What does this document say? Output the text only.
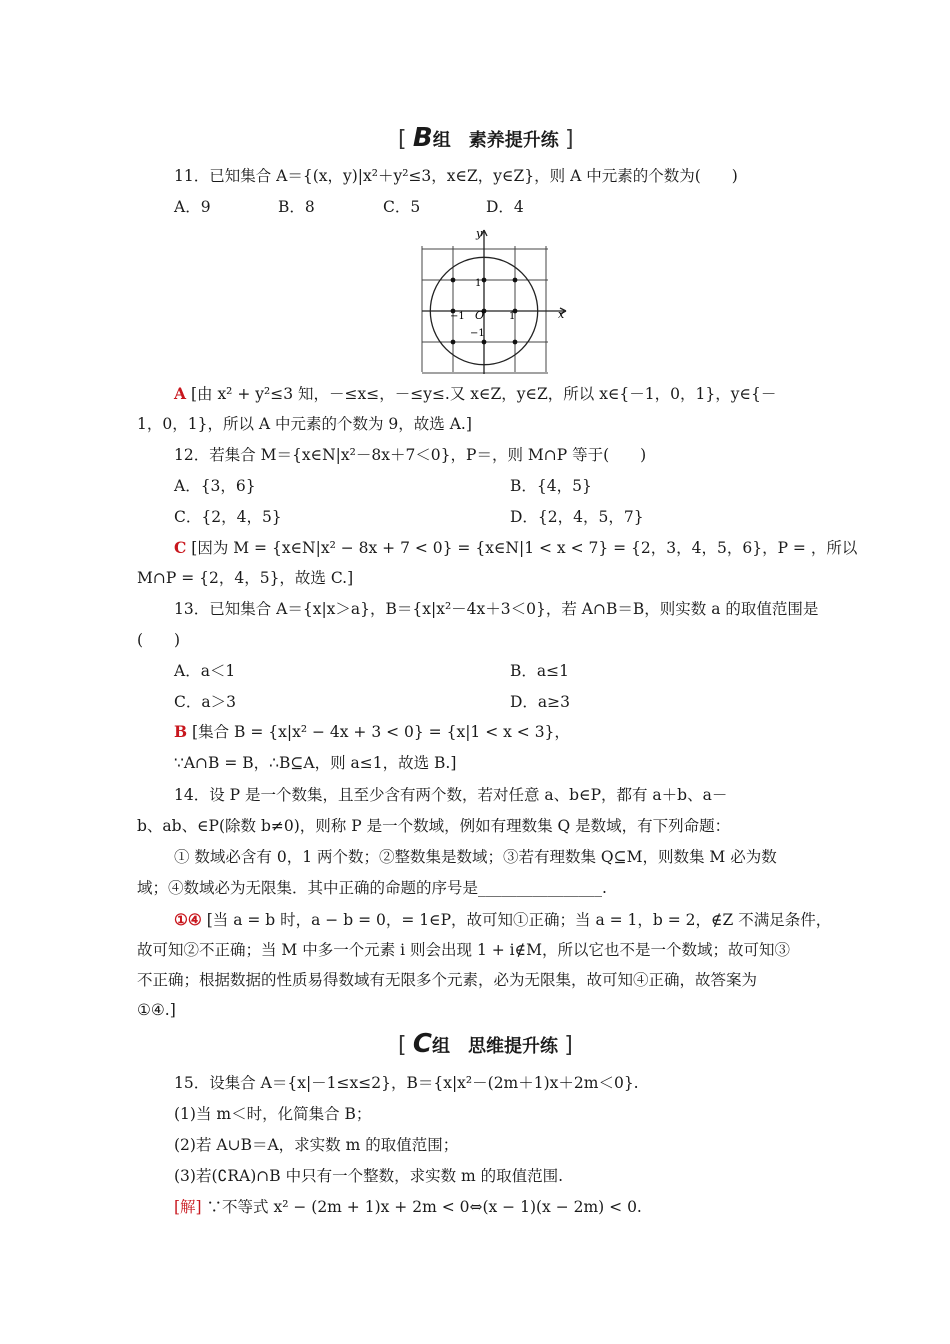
[ B组　素养提升练 ]
11．已知集合 A＝{(x，y)|x²＋y²≤3，x∈Z，y∈Z}，则 A 中元素的个数为(　　)
A．9	B．8	C．5	D．4
x
y
O 1
−1
1
−1
A [由 x² + y²≤3 知，－≤x≤，－≤y≤.又 x∈Z，y∈Z，所以 x∈{－1，0，1}，y∈{－
1，0，1}，所以 A 中元素的个数为 9，故选 A.]
12．若集合 M＝{x∈N|x²－8x＋7＜0}，P＝，则 M∩P 等于(　　)
A．{3，6}	B．{4，5}
C．{2，4，5}	D．{2，4，5，7}
C [因为 M = {x∈N|x² − 8x + 7 < 0} = {x∈N|1 < x < 7} = {2，3，4，5，6}，P = ，所以
M∩P = {2，4，5}，故选 C.]
13．已知集合 A＝{x|x＞a}，B＝{x|x²－4x＋3＜0}，若 A∩B＝B，则实数 a 的取值范围是
(　　)
A．a＜1	B．a≤1
C．a＞3	D．a≥3
B [集合 B = {x|x² − 4x + 3 < 0} = {x|1 < x < 3}，
∵A∩B = B，∴B⊆A，则 a≤1，故选 B.]
14．设 P 是一个数集，且至少含有两个数，若对任意 a、b∈P，都有 a＋b、a－
b、ab、∈P(除数 b≠0)，则称 P 是一个数域，例如有理数集 Q 是数域，有下列命题：
① 数域必含有 0，1 两个数；②整数集是数域；③若有理数集 Q⊆M，则数集 M 必为数
域；④数域必为无限集．其中正确的命题的序号是________________.
①④ [当 a = b 时，a − b = 0，= 1∈P，故可知①正确；当 a = 1，b = 2，∉Z 不满足条件，
故可知②不正确；当 M 中多一个元素 i 则会出现 1 + i∉M，所以它也不是一个数域；故可知③
不正确；根据数据的性质易得数域有无限多个元素，必为无限集，故可知④正确，故答案为
①④.]
[ C组　思维提升练 ]
15．设集合 A＝{x|－1≤x≤2}，B＝{x|x²－(2m＋1)x＋2m＜0}.
(1)当 m＜时，化简集合 B；
(2)若 A∪B＝A，求实数 m 的取值范围；
(3)若(∁RA)∩B 中只有一个整数，求实数 m 的取值范围.
[解] ∵不等式 x² − (2m + 1)x + 2m < 0⇔(x − 1)(x − 2m) < 0.
